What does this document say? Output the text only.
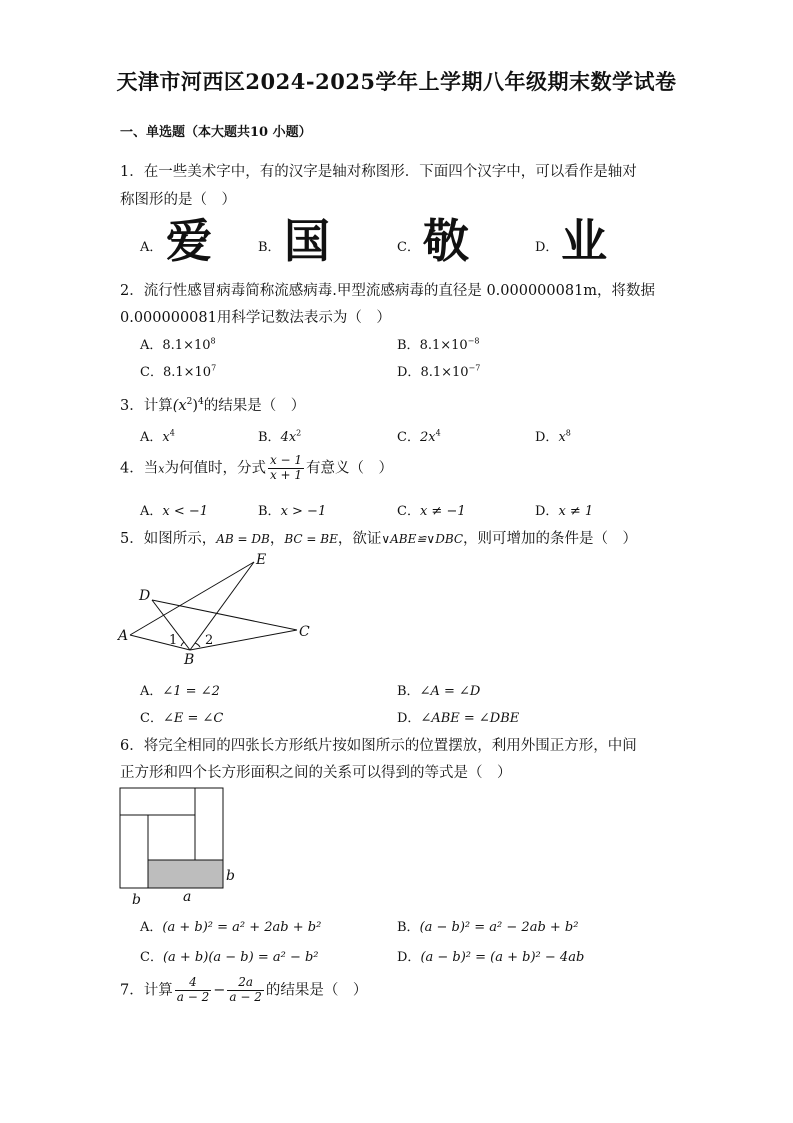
天津市河西区2024-2025学年上学期八年级期末数学试卷
一、单选题（本大题共10 小题）
1．在一些美术字中，有的汉字是轴对称图形．下面四个汉字中，可以看作是轴对
称图形的是（　）
A． 爱	B． 国	C． 敬	D． 业
2．流行性感冒病毒简称流感病毒.甲型流感病毒的直径是 0.000000081m，将数据
0.000000081用科学记数法表示为（　）
A．$8.1\times 10^8$	B．$8.1\times 10^{-8}$
C．$8.1\times 10^7$	D．$8.1\times 10^{-7}$
3．计算$(x^2)^4$的结果是（　）
A．$x^4$	B．$4x^2$	C．$2x^4$	D．$x^8$
4．当x为何值时，分式 $\frac{x - 1}{x + 1}$ 有意义（　）
A．x < −1	B．x > −1	C．x ≠ −1	D．x ≠ 1
5．如图所示，AB = DB，BC = BE，欲证∨ABE≌∨DBC，则可增加的条件是（　）
A
B
C
D
E
1 2
A．∠1 = ∠2	B．∠A = ∠D
C．∠E = ∠C	D．∠ABE = ∠DBE
6．将完全相同的四张长方形纸片按如图所示的位置摆放，利用外围正方形，中间
正方形和四个长方形面积之间的关系可以得到的等式是（　）
a
b
b
A．(a + b)² = a² + 2ab + b²	B．(a − b)² = a² − 2ab + b²
C．(a + b)(a − b) = a² − b²	D．(a − b)² = (a + b)² − 4ab
7．计算 $\frac{4}{a - 2} - \frac{2a}{a - 2}$ 的结果是（　）
